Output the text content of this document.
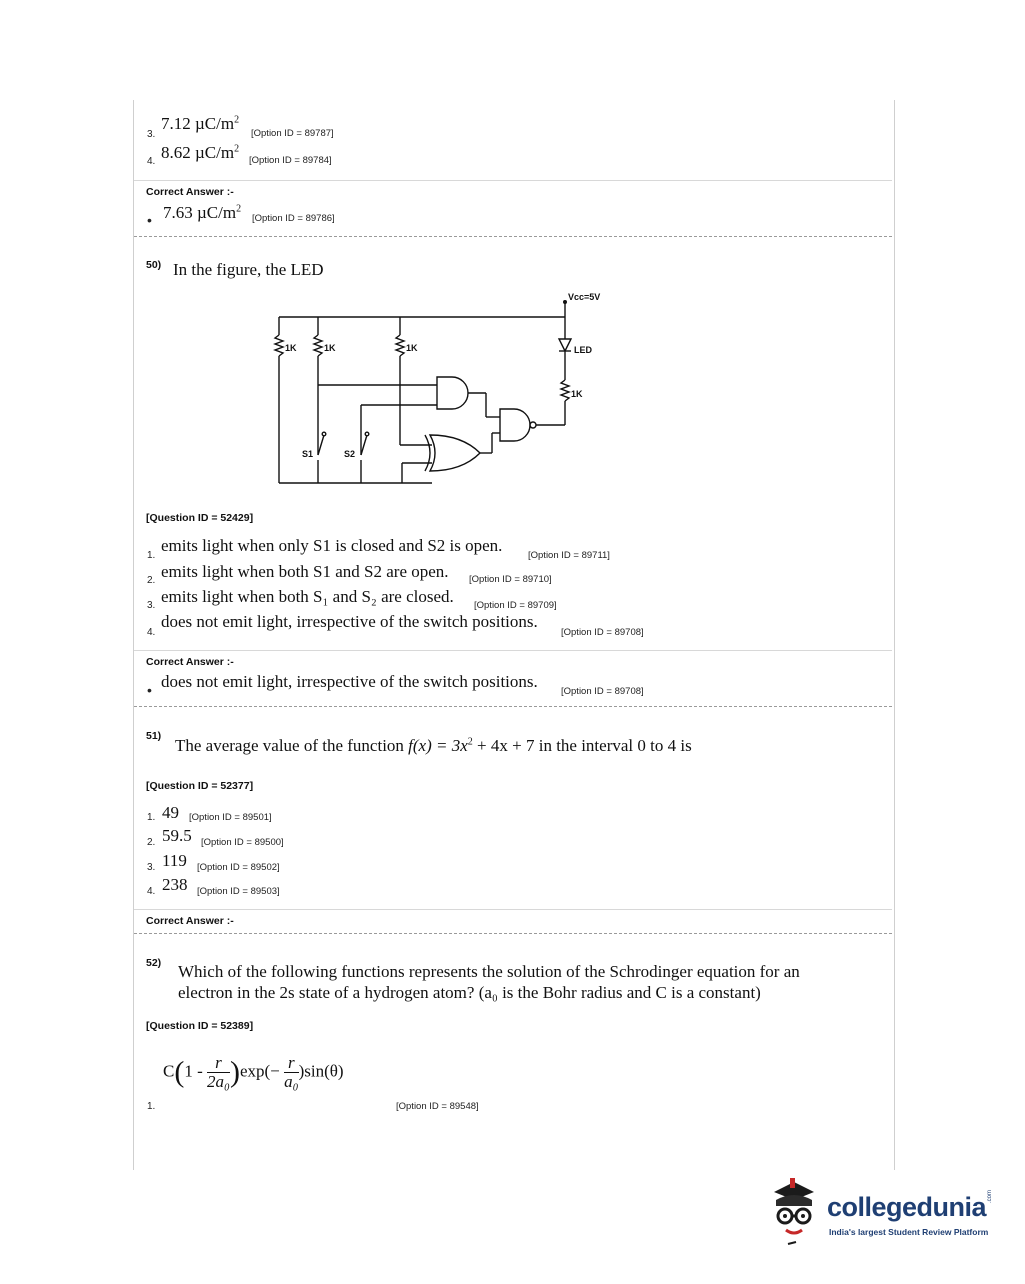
3.
7.12 $\mu C/m^2$
[Option ID = 89787]
4. 8.62 $\mu C/m^2$
[Option ID = 89784]
Correct Answer :-
• 7.63 $\mu C/m^2$
[Option ID = 89786]
50) In the figure, the LED
Vcc=5V
LED
1K	1K	1K
1K
S1	S2
[Question ID = 52429]
1.
emits light when only S1 is closed and S2 is open.
[Option ID = 89711]
2. emits light when both S1 and S2 are open. [Option ID = 89710]
3. emits light when both S₁ and S₂ are closed. [Option ID = 89709]
4.
does not emit light, irrespective of the switch positions.
[Option ID = 89708]
Correct Answer :-
• does not emit light, irrespective of the switch positions.
[Option ID = 89708]
51) The average value of the function $f(x) = 3x^2 + 4x + 7$ in the interval 0 to 4 is
[Question ID = 52377]
1. 49 [Option ID = 89501]
2. 59.5 [Option ID = 89500]
3. 119 [Option ID = 89502]
4. 238 [Option ID = 89503]
Correct Answer :-
52) Which of the following functions represents the solution of the Schrodinger equation for an
electron in the 2s state of a hydrogen atom? (a₀ is the Bohr radius and C is a constant)
[Question ID = 52389]
$C(1 - \frac{r}{\text{2a₀}} )\exp(- \frac{r}{\text{a₀}} )\sin(\theta)$
1.	[Option ID = 89548]
collegedunia .com
India's largest Student Review Platform
